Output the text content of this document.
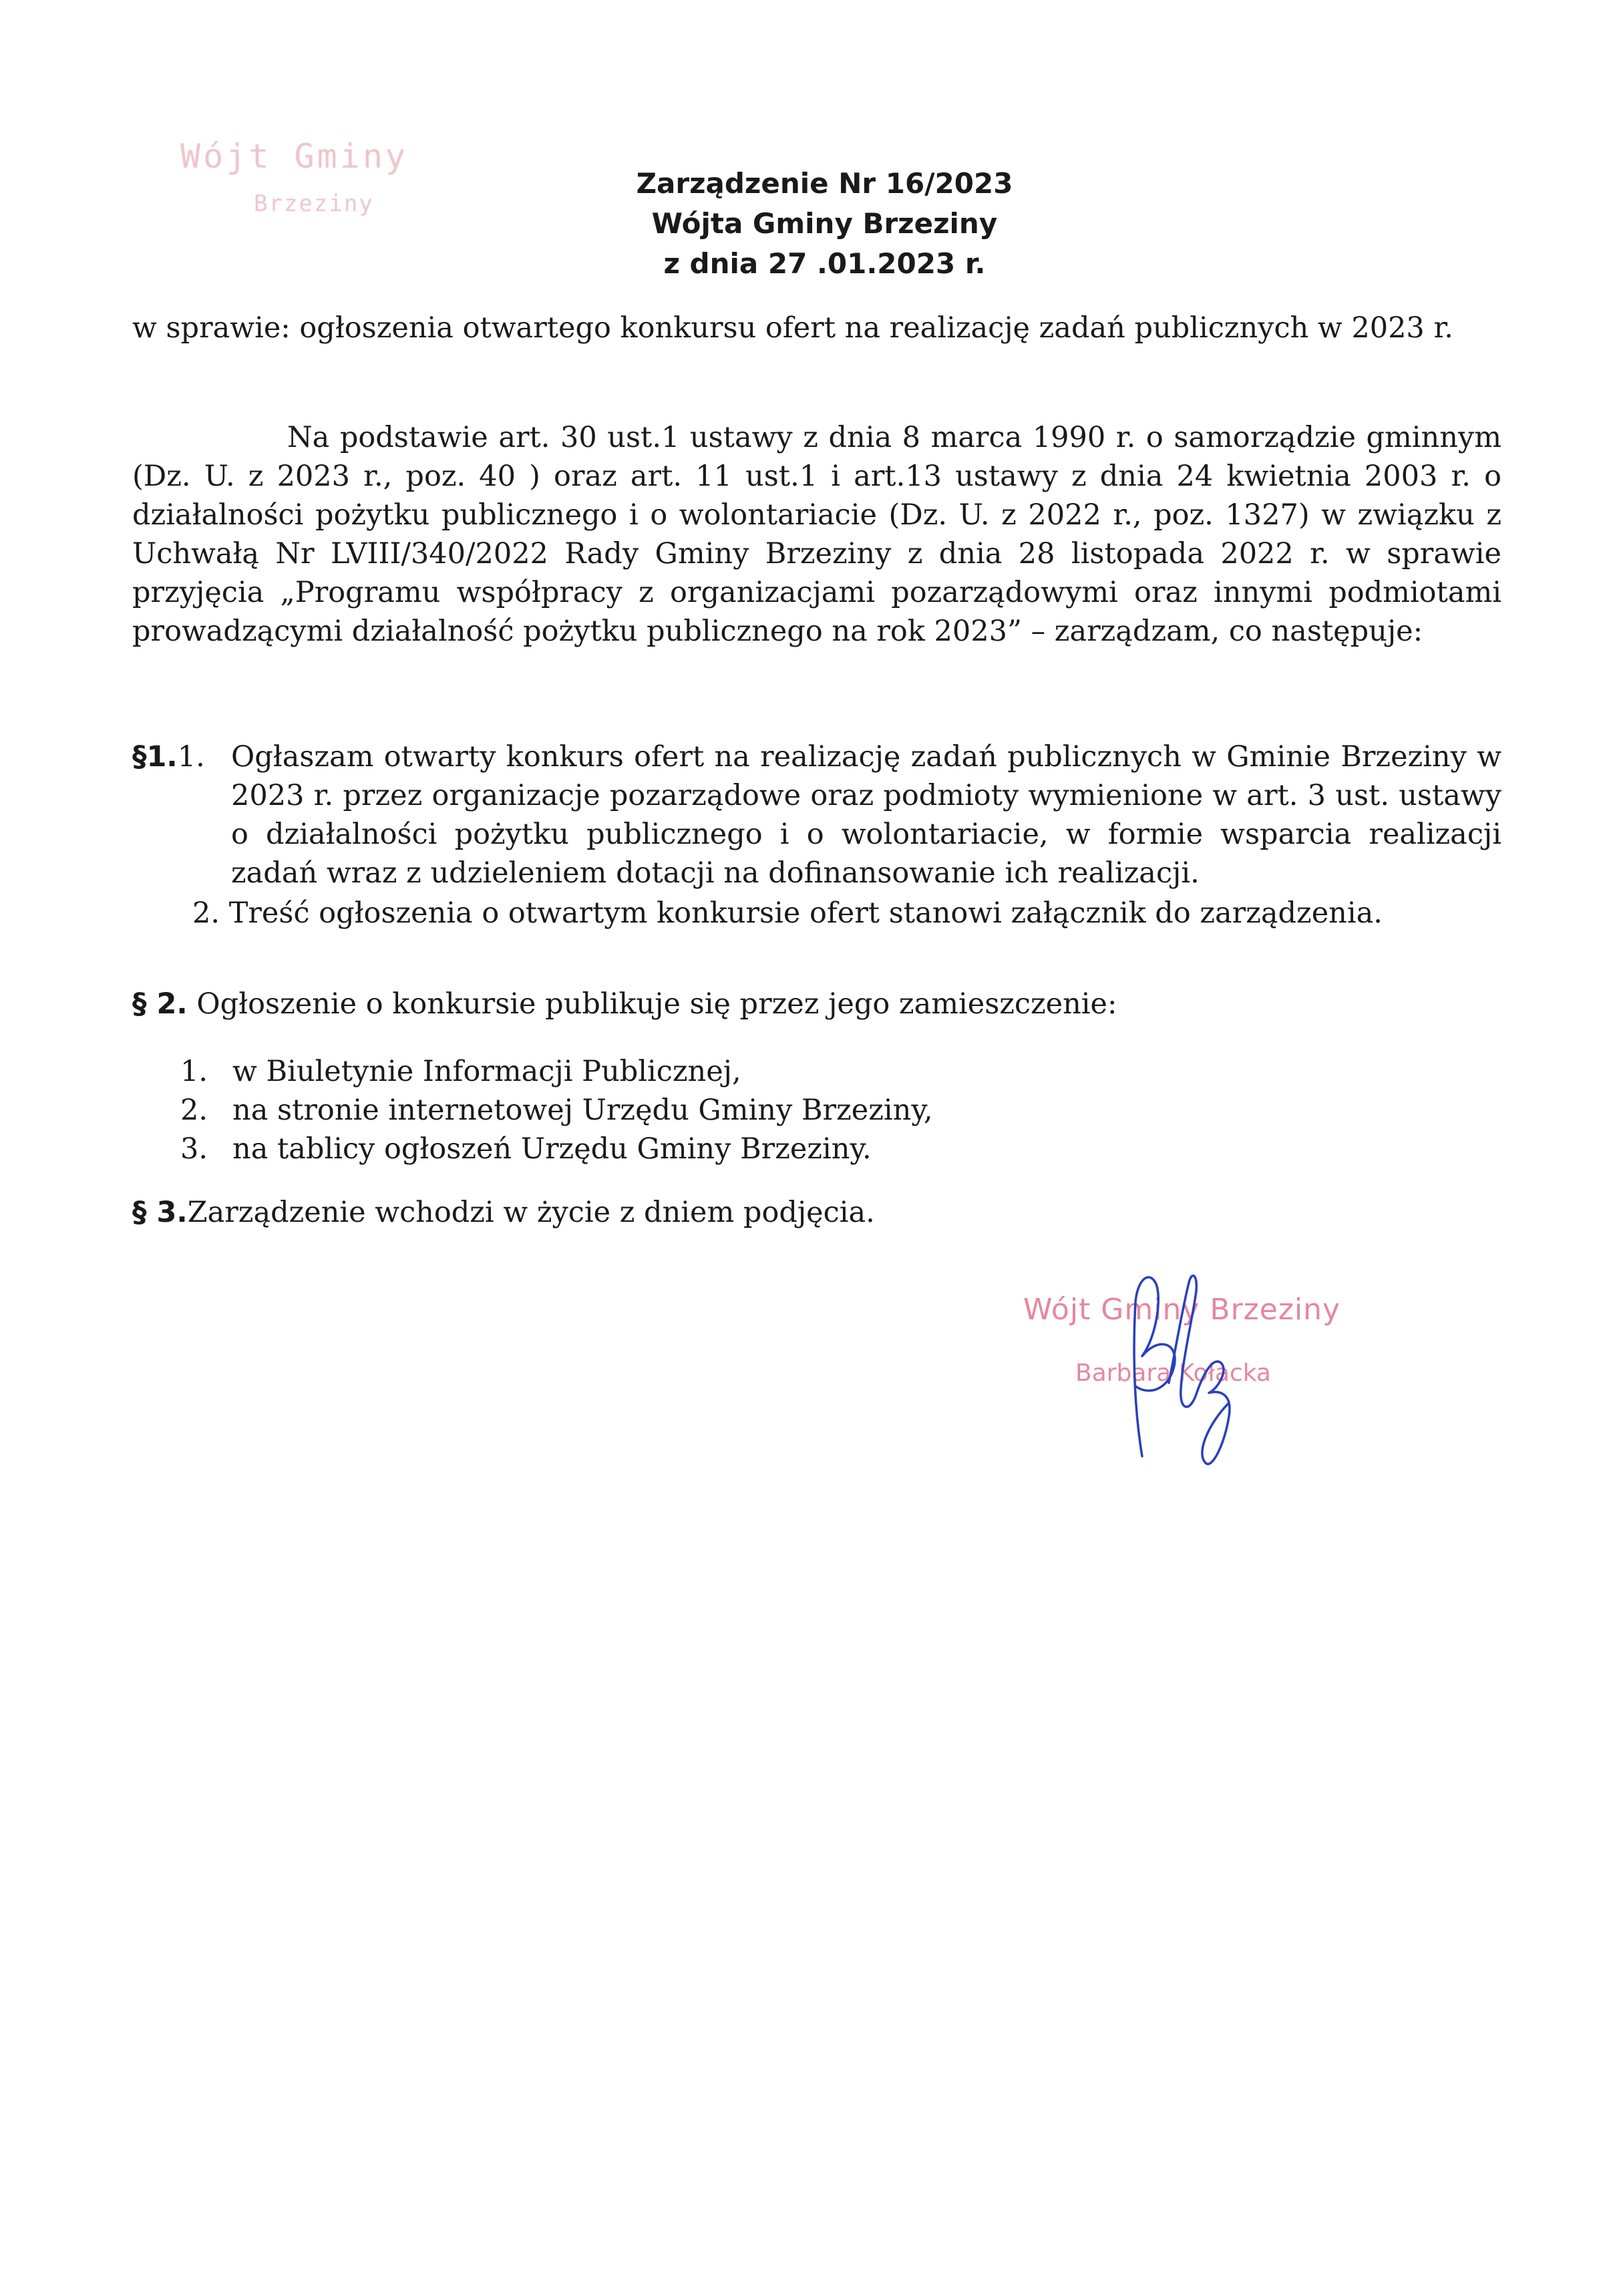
Wójt Gminy
Brzeziny
Zarządzenie Nr 16/2023
Wójta Gminy Brzeziny
z dnia 27 .01.2023 r.
w sprawie: ogłoszenia otwartego konkursu ofert na realizację zadań publicznych w 2023 r.
Na podstawie art. 30 ust.1 ustawy z dnia 8 marca 1990 r. o samorządzie gminnym (Dz. U. z 2023 r., poz. 40 ) oraz art. 11 ust.1 i art.13 ustawy z dnia 24 kwietnia 2003 r. o działalności pożytku publicznego i o wolontariacie (Dz. U. z 2022 r., poz. 1327) w związku z Uchwałą Nr LVIII/340/2022 Rady Gminy Brzeziny z dnia 28 listopada 2022 r. w sprawie przyjęcia „Programu współpracy z organizacjami pozarządowymi oraz innymi podmiotami prowadzącymi działalność pożytku publicznego na rok 2023” – zarządzam, co następuje:
§1.1. Ogłaszam otwarty konkurs ofert na realizację zadań publicznych w Gminie Brzeziny w 2023 r. przez organizacje pozarządowe oraz podmioty wymienione w art. 3 ust. ustawy o działalności pożytku publicznego i o wolontariacie, w formie wsparcia realizacji zadań wraz z udzieleniem dotacji na dofinansowanie ich realizacji.
2. Treść ogłoszenia o otwartym konkursie ofert stanowi załącznik do zarządzenia.
§ 2. Ogłoszenie o konkursie publikuje się przez jego zamieszczenie:
1. w Biuletynie Informacji Publicznej,
2. na stronie internetowej Urzędu Gminy Brzeziny,
3. na tablicy ogłoszeń Urzędu Gminy Brzeziny.
§ 3.Zarządzenie wchodzi w życie z dniem podjęcia.
Wójt Gminy Brzeziny
Barbara Kołacka
